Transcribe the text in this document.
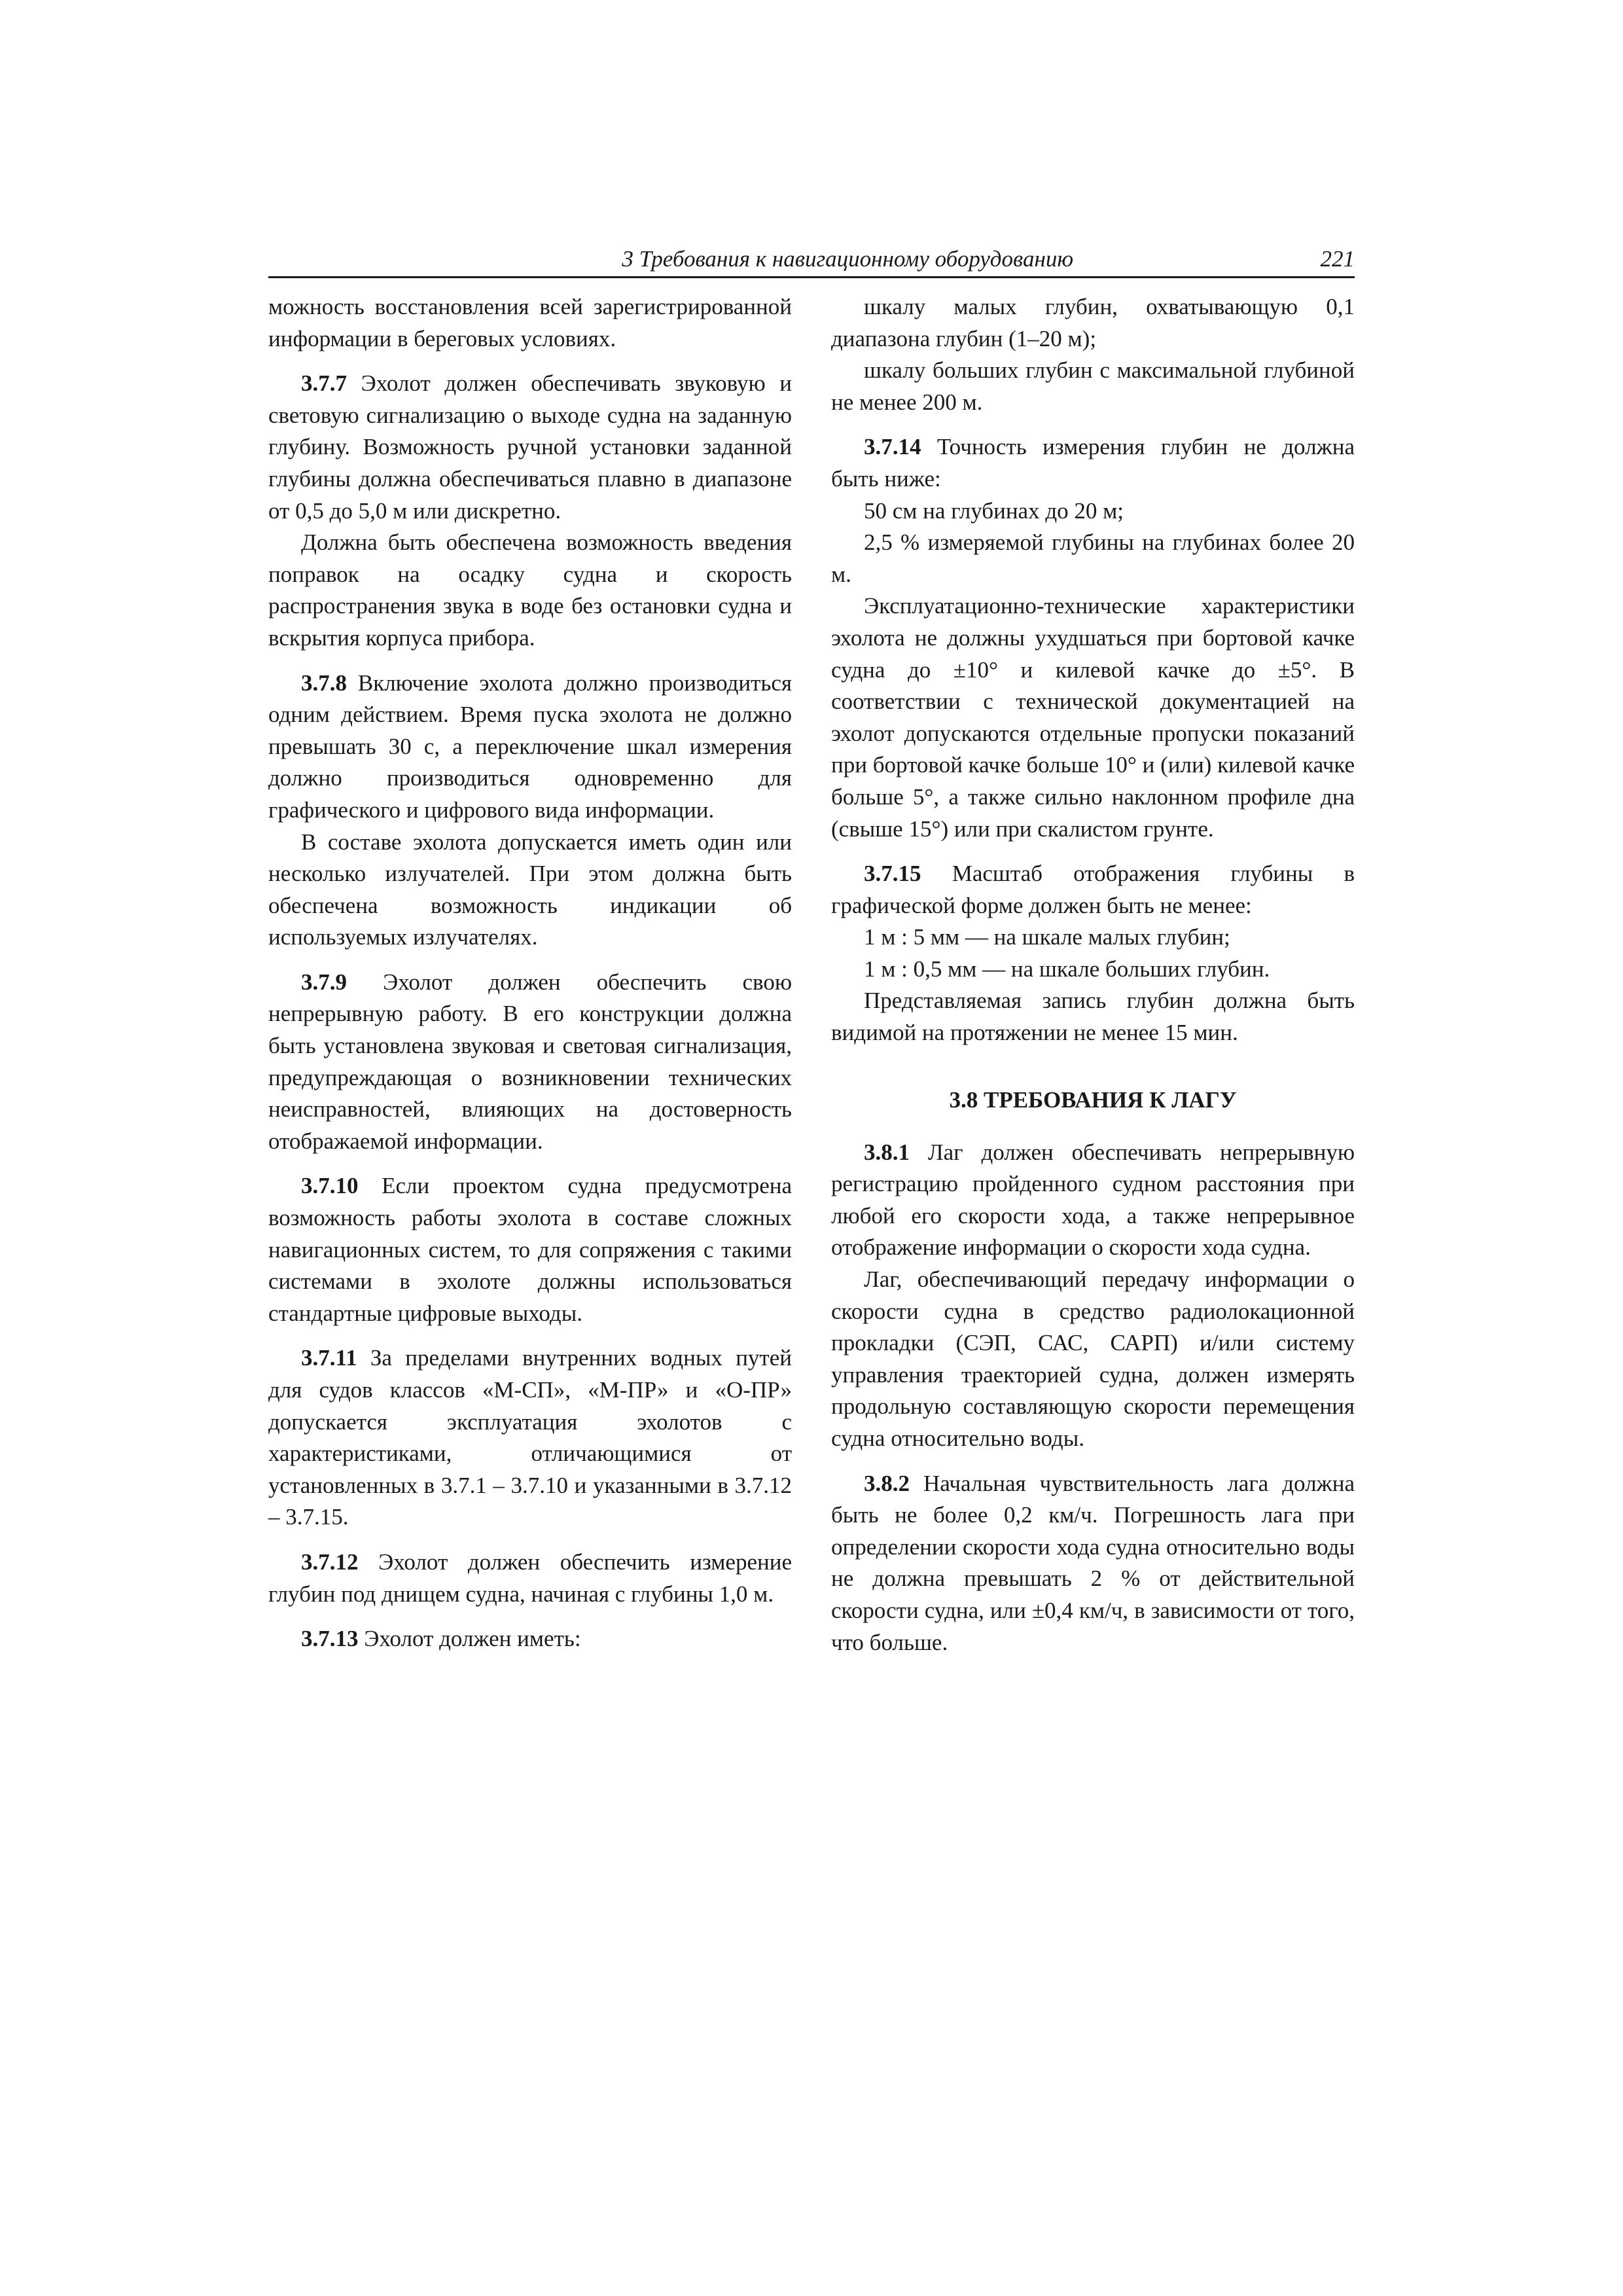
3 Требования к навигационному оборудованию	221

можность восстановления всей зарегистрированной информации в береговых условиях.

3.7.7 Эхолот должен обеспечивать звуковую и световую сигнализацию о выходе судна на заданную глубину. Возможность ручной установки заданной глубины должна обеспечиваться плавно в диапазоне от 0,5 до 5,0 м или дискретно.

Должна быть обеспечена возможность введения поправок на осадку судна и скорость распространения звука в воде без остановки судна и вскрытия корпуса прибора.

3.7.8 Включение эхолота должно производиться одним действием. Время пуска эхолота не должно превышать 30 с, а переключение шкал измерения должно производиться одновременно для графического и цифрового вида информации.

В составе эхолота допускается иметь один или несколько излучателей. При этом должна быть обеспечена возможность индикации об используемых излучателях.

3.7.9 Эхолот должен обеспечить свою непрерывную работу. В его конструкции должна быть установлена звуковая и световая сигнализация, предупреждающая о возникновении технических неисправностей, влияющих на достоверность отображаемой информации.

3.7.10 Если проектом судна предусмотрена возможность работы эхолота в составе сложных навигационных систем, то для сопряжения с такими системами в эхолоте должны использоваться стандартные цифровые выходы.

3.7.11 За пределами внутренних водных путей для судов классов «М-СП», «М-ПР» и «О-ПР» допускается эксплуатация эхолотов с характеристиками, отличающимися от установленных в 3.7.1 – 3.7.10 и указанными в 3.7.12 – 3.7.15.

3.7.12 Эхолот должен обеспечить измерение глубин под днищем судна, начиная с глубины 1,0 м.

3.7.13 Эхолот должен иметь:

шкалу малых глубин, охватывающую 0,1 диапазона глубин (1–20 м);

шкалу больших глубин с максимальной глубиной не менее 200 м.

3.7.14 Точность измерения глубин не должна быть ниже:

50 см на глубинах до 20 м;

2,5 % измеряемой глубины на глубинах более 20 м.

Эксплуатационно-технические характеристики эхолота не должны ухудшаться при бортовой качке судна до ±10° и килевой качке до ±5°. В соответствии с технической документацией на эхолот допускаются отдельные пропуски показаний при бортовой качке больше 10° и (или) килевой качке больше 5°, а также сильно наклонном профиле дна (свыше 15°) или при скалистом грунте.

3.7.15 Масштаб отображения глубины в графической форме должен быть не менее:

1 м : 5 мм — на шкале малых глубин;

1 м : 0,5 мм — на шкале больших глубин.

Представляемая запись глубин должна быть видимой на протяжении не менее 15 мин.

3.8 ТРЕБОВАНИЯ К ЛАГУ

3.8.1 Лаг должен обеспечивать непрерывную регистрацию пройденного судном расстояния при любой его скорости хода, а также непрерывное отображение информации о скорости хода судна.

Лаг, обеспечивающий передачу информации о скорости судна в средство радиолокационной прокладки (СЭП, САС, САРП) и/или систему управления траекторией судна, должен измерять продольную составляющую скорости перемещения судна относительно воды.

3.8.2 Начальная чувствительность лага должна быть не более 0,2 км/ч. Погрешность лага при определении скорости хода судна относительно воды не должна превышать 2 % от действительной скорости судна, или ±0,4 км/ч, в зависимости от того, что больше.
